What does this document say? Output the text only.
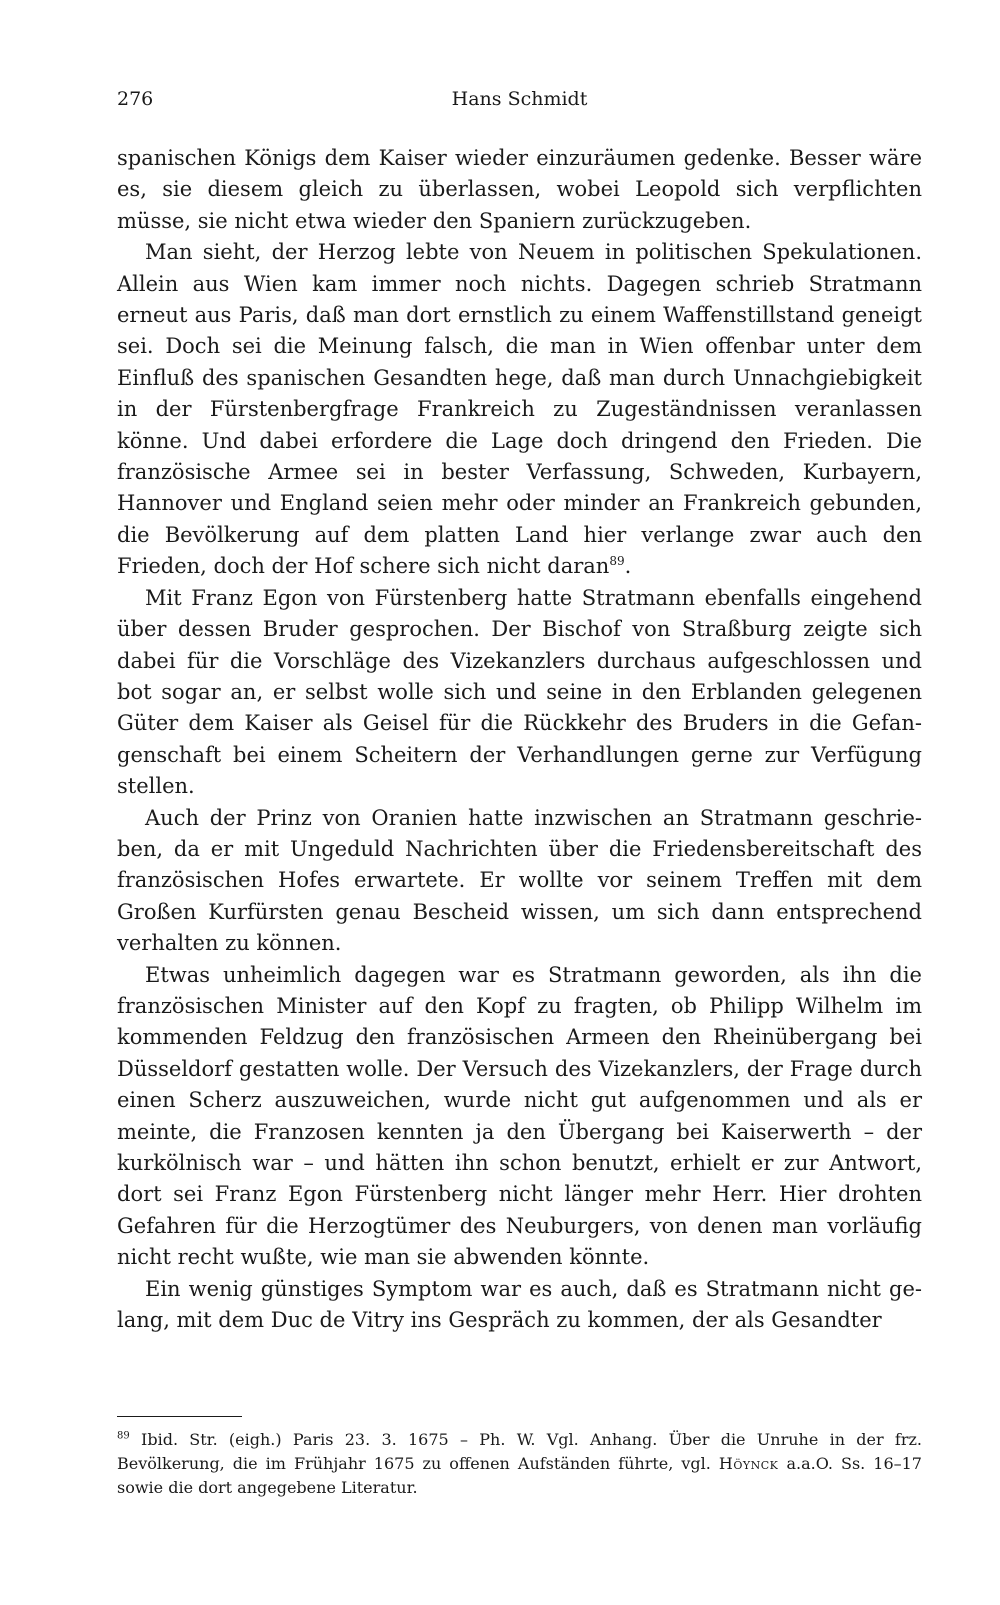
276	Hans Schmidt

spanischen Königs dem Kaiser wieder einzuräumen gedenke. Besser wäre es, sie diesem gleich zu überlassen, wobei Leopold sich verpflichten müsse, sie nicht etwa wieder den Spaniern zurückzugeben.

Man sieht, der Herzog lebte von Neuem in politischen Spekulationen. Allein aus Wien kam immer noch nichts. Dagegen schrieb Stratmann erneut aus Paris, daß man dort ernstlich zu einem Waffenstillstand geneigt sei. Doch sei die Meinung falsch, die man in Wien offenbar unter dem Einfluß des spanischen Gesandten hege, daß man durch Unnachgiebigkeit in der Fürstenbergfrage Frankreich zu Zugeständnissen veranlassen könne. Und dabei erfordere die Lage doch dringend den Frieden. Die französische Armee sei in bester Verfassung, Schweden, Kurbayern, Hannover und England seien mehr oder minder an Frankreich gebunden, die Bevölkerung auf dem platten Land hier verlange zwar auch den Frieden, doch der Hof schere sich nicht daran$^{89}$.

Mit Franz Egon von Fürstenberg hatte Stratmann ebenfalls eingehend über dessen Bruder gesprochen. Der Bischof von Straßburg zeigte sich dabei für die Vorschläge des Vizekanzlers durchaus aufgeschlossen und bot sogar an, er selbst wolle sich und seine in den Erblanden gelegenen Güter dem Kaiser als Geisel für die Rückkehr des Bruders in die Gefangenschaft bei einem Scheitern der Verhandlungen gerne zur Verfügung stellen.

Auch der Prinz von Oranien hatte inzwischen an Stratmann geschrieben, da er mit Ungeduld Nachrichten über die Friedensbereitschaft des französischen Hofes erwartete. Er wollte vor seinem Treffen mit dem Großen Kurfürsten genau Bescheid wissen, um sich dann entsprechend verhalten zu können.

Etwas unheimlich dagegen war es Stratmann geworden, als ihn die französischen Minister auf den Kopf zu fragten, ob Philipp Wilhelm im kommenden Feldzug den französischen Armeen den Rheinübergang bei Düsseldorf gestatten wolle. Der Versuch des Vizekanzlers, der Frage durch einen Scherz auszuweichen, wurde nicht gut aufgenommen und als er meinte, die Franzosen kennten ja den Übergang bei Kaiserwerth – der kurkölnisch war – und hätten ihn schon benutzt, erhielt er zur Antwort, dort sei Franz Egon Fürstenberg nicht länger mehr Herr. Hier drohten Gefahren für die Herzogtümer des Neuburgers, von denen man vorläufig nicht recht wußte, wie man sie abwenden könnte.

Ein wenig günstiges Symptom war es auch, daß es Stratmann nicht gelang, mit dem Duc de Vitry ins Gespräch zu kommen, der als Gesandter

$^{89}$ Ibid. Str. (eigh.) Paris 23. 3. 1675 – Ph. W. Vgl. Anhang. Über die Unruhe in der frz. Bevölkerung, die im Frühjahr 1675 zu offenen Aufständen führte, vgl. Höynck a.a.O. Ss. 16–17 sowie die dort angegebene Literatur.
